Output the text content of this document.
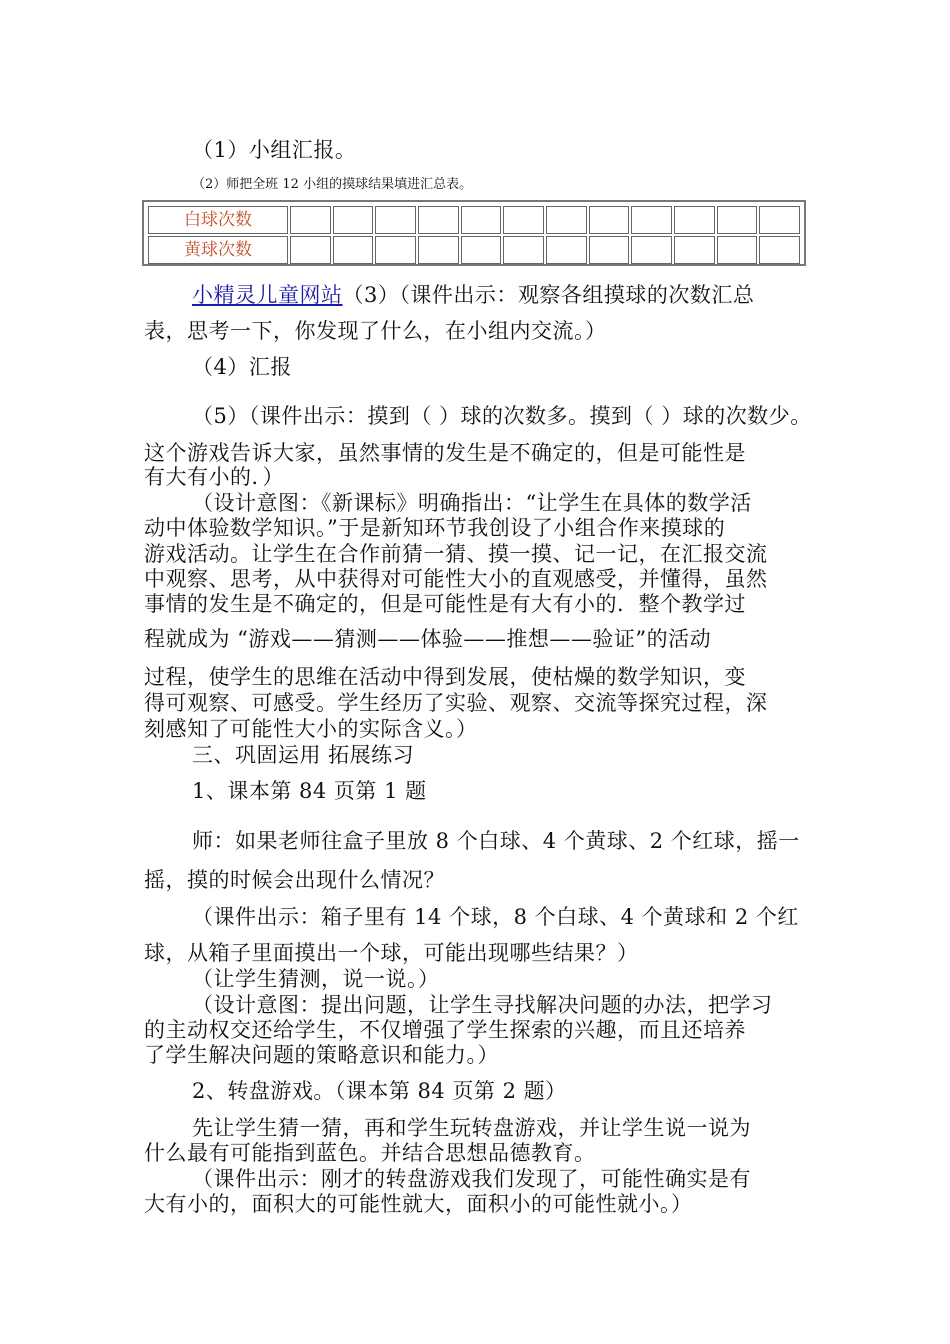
（1）小组汇报。
（2）师把全班 12 小组的摸球结果填进汇总表。
白球次数												
黄球次数												
小精灵儿童网站（3）（课件出示：观察各组摸球的次数汇总
表，思考一下，你发现了什么，在小组内交流。）
（4）汇报
（5）（课件出示：摸到（ ）球的次数多。摸到（ ）球的次数少。
这个游戏告诉大家，虽然事情的发生是不确定的，但是可能性是
有大有小的．）
（设计意图：《新课标》明确指出：“让学生在具体的数学活
动中体验数学知识。”于是新知环节我创设了小组合作来摸球的
游戏活动。让学生在合作前猜一猜、摸一摸、记一记，在汇报交流
中观察、思考，从中获得对可能性大小的直观感受，并懂得，虽然
事情的发生是不确定的，但是可能性是有大有小的．整个教学过
程就成为 “游戏——猜测——体验——推想——验证”的活动
过程，使学生的思维在活动中得到发展，使枯燥的数学知识，变
得可观察、可感受。学生经历了实验、观察、交流等探究过程，深
刻感知了可能性大小的实际含义。）
三、巩固运用 拓展练习
1、课本第 84 页第 1 题
师：如果老师往盒子里放 8 个白球、4 个黄球、2 个红球，摇一
摇，摸的时候会出现什么情况？
（课件出示：箱子里有 14 个球，8 个白球、4 个黄球和 2 个红
球，从箱子里面摸出一个球，可能出现哪些结果？）
（让学生猜测，说一说。）
（设计意图：提出问题，让学生寻找解决问题的办法，把学习
的主动权交还给学生，不仅增强了学生探索的兴趣，而且还培养
了学生解决问题的策略意识和能力。）
2、转盘游戏。（课本第 84 页第 2 题）
先让学生猜一猜，再和学生玩转盘游戏，并让学生说一说为
什么最有可能指到蓝色。并结合思想品德教育。
（课件出示：刚才的转盘游戏我们发现了，可能性确实是有
大有小的，面积大的可能性就大，面积小的可能性就小。）
